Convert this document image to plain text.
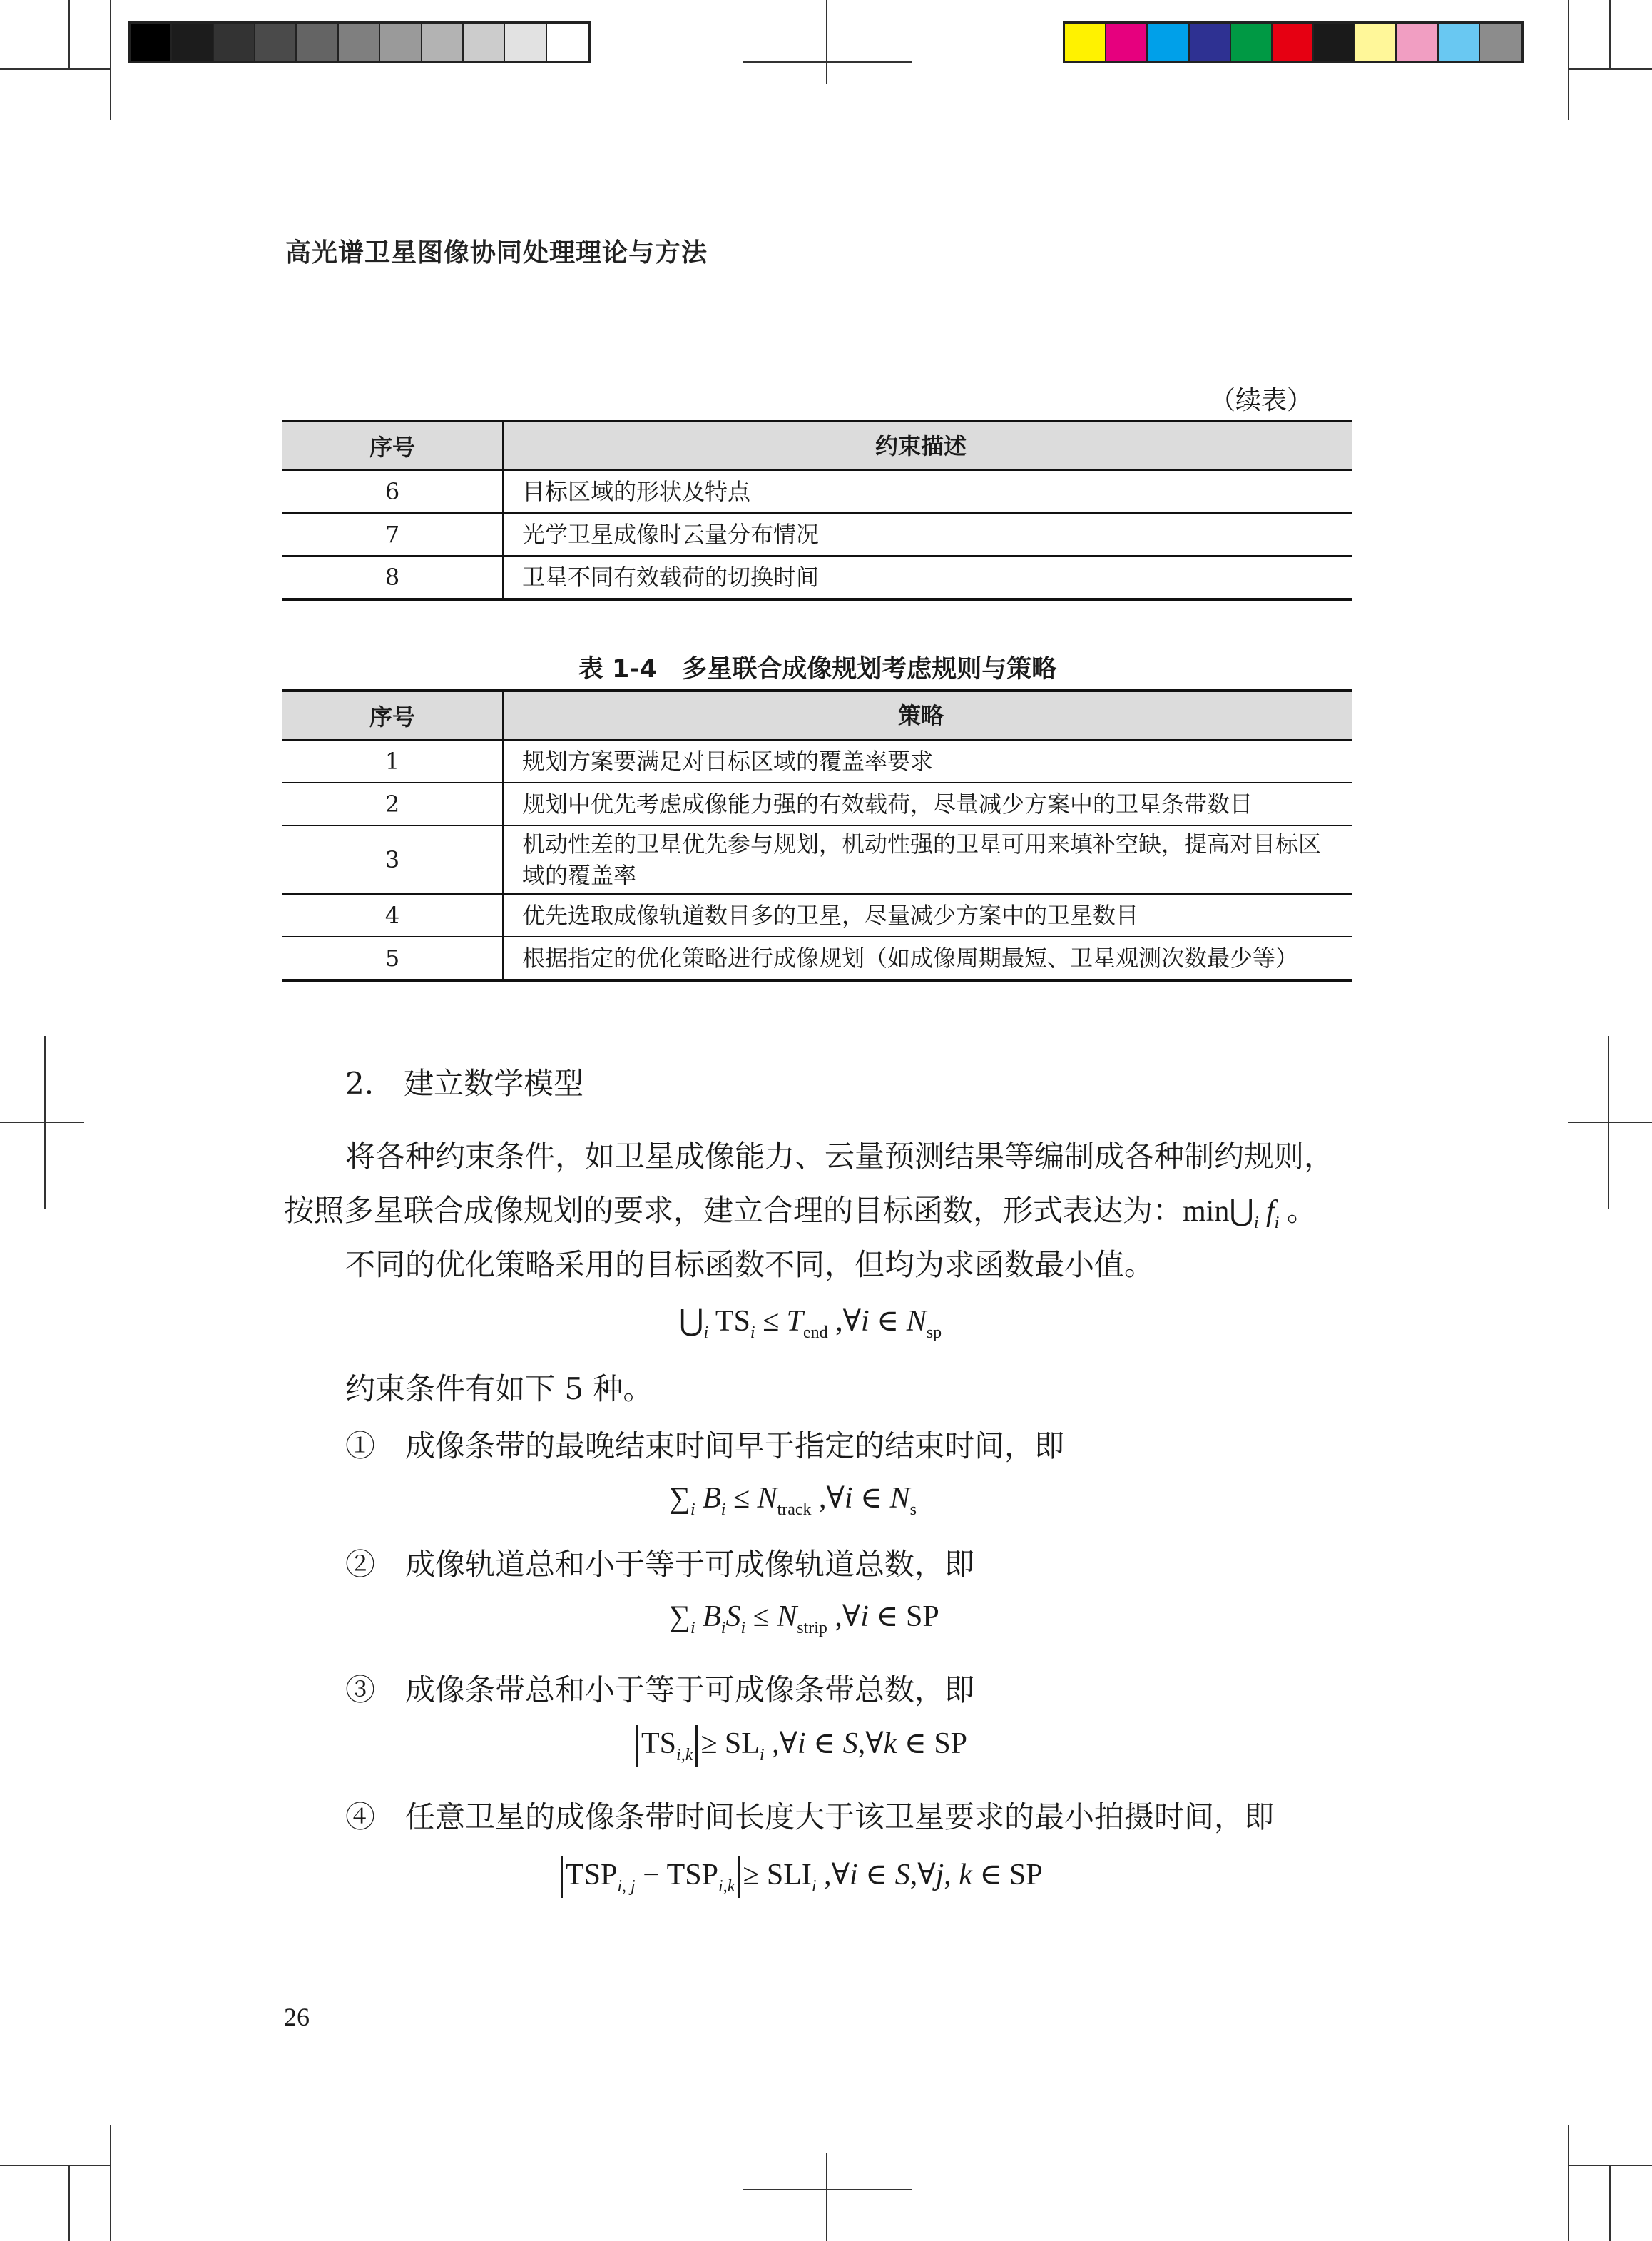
高光谱卫星图像协同处理理论与方法
（续表）
序号	约束描述
6	目标区域的形状及特点
7	光学卫星成像时云量分布情况
8	卫星不同有效载荷的切换时间
表 1-4　多星联合成像规划考虑规则与策略
序号	策略
1	规划方案要满足对目标区域的覆盖率要求
2	规划中优先考虑成像能力强的有效载荷，尽量减少方案中的卫星条带数目
3	机动性差的卫星优先参与规划，机动性强的卫星可用来填补空缺，提高对目标区域的覆盖率
4	优先选取成像轨道数目多的卫星，尽量减少方案中的卫星数目
5	根据指定的优化策略进行成像规划（如成像周期最短、卫星观测次数最少等）
2.　建立数学模型
将各种约束条件，如卫星成像能力、云量预测结果等编制成各种制约规则，
按照多星联合成像规划的要求，建立合理的目标函数，形式表达为：$\min⋃_i$ $f_i$ 。
不同的优化策略采用的目标函数不同，但均为求函数最小值。
$⋃_i$ $TS_i \le T_{end}$ ,∀i ∈ $N_{sp}$
约束条件有如下 5 种。
①　成像条带的最晚结束时间早于指定的结束时间，即
$\sum_i$ $B_i \le N_{track}$ ,∀i ∈ $N_s$
②　成像轨道总和小于等于可成像轨道总数，即
$\sum_i$ $B_iS_i \le N_{strip}$ ,∀i ∈ SP
③　成像条带总和小于等于可成像条带总数，即
$TS_{i,k} \ge SL_i$ ,∀i ∈ S,∀k ∈ SP
④　任意卫星的成像条带时间长度大于该卫星要求的最小拍摄时间，即
$TSP_{i, j} - TSP_{i,k} \ge SLI_i$ ,∀i ∈ S,∀j, k ∈ SP
26
